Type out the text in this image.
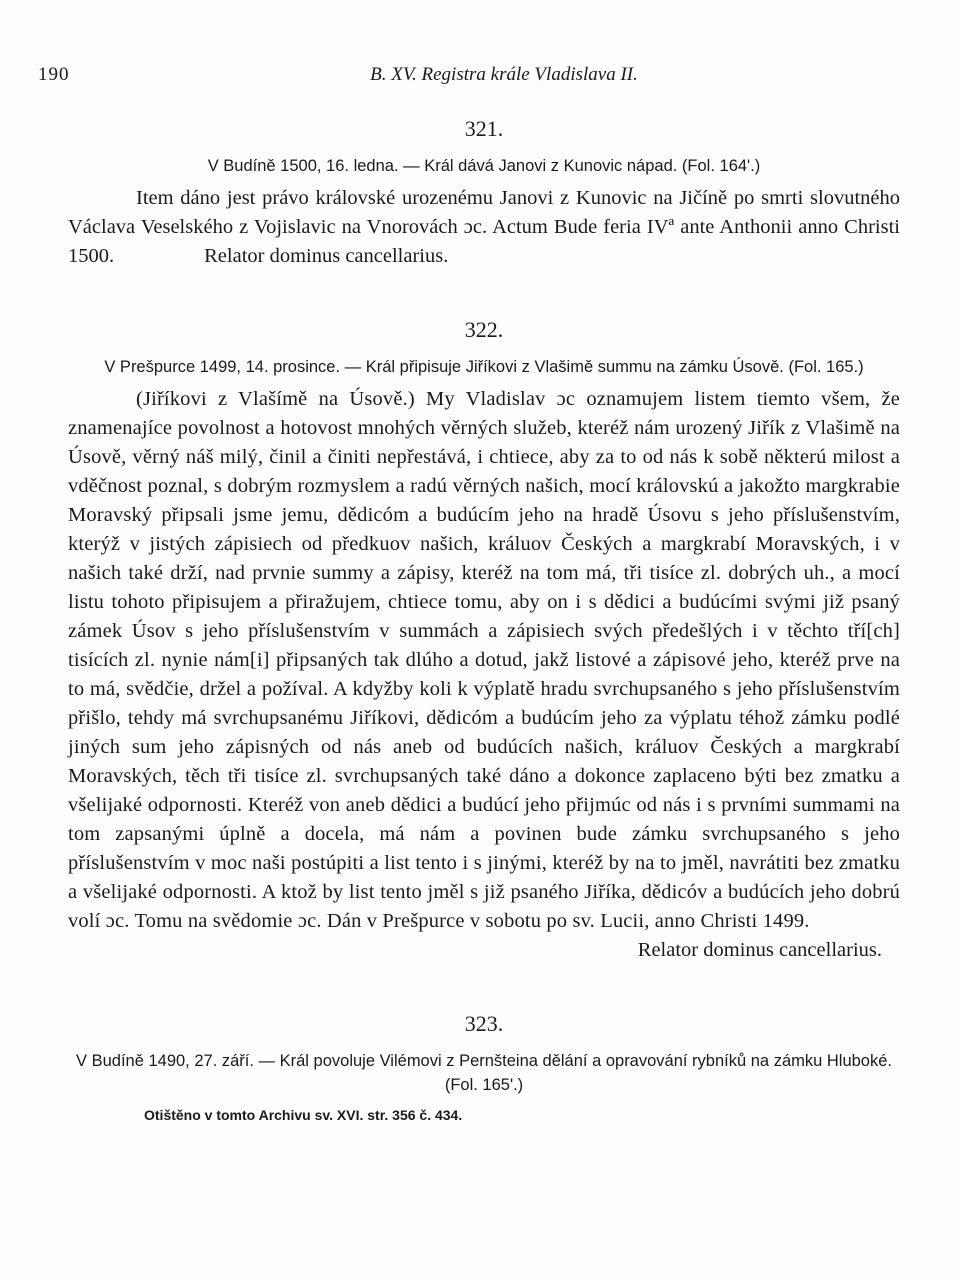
190	B. XV. Registra krále Vladislava II.
321.
V Budíně 1500, 16. ledna. — Král dává Janovi z Kunovic nápad. (Fol. 164'.)

Item dáno jest právo královské urozenému Janovi z Kunovic na Jičíně po smrti slovutného Václava Veselského z Vojislavic na Vnorovách ɔc. Actum Bude feria IVª ante Anthonii anno Christi 1500.	Relator dominus cancellarius.

322.
V Prešpurce 1499, 14. prosince. — Král připisuje Jiříkovi z Vlašimě summu na zámku Úsově. (Fol. 165.)

(Jiříkovi z Vlašímě na Úsově.) My Vladislav ɔc oznamujem listem tiemto všem, že znamenajíce povolnost a hotovost mnohých věrných služeb, kteréž nám urozený Jiřík z Vlašimě na Úsově, věrný náš milý, činil a činiti nepřestává, i chtiece, aby za to od nás k sobě některú milost a vděčnost poznal, s dobrým rozmyslem a radú věrných našich, mocí královskú a jakožto margkrabie Moravský připsali jsme jemu, dědicóm a budúcím jeho na hradě Úsovu s jeho příslušenstvím, kterýž v jistých zápisiech od předkuov našich, králuov Českých a margkrabí Moravských, i v našich také drží, nad prvnie summy a zápisy, kteréž na tom má, tři tisíce zl. dobrých uh., a mocí listu tohoto připisujem a přiražujem, chtiece tomu, aby on i s dědici a budúcími svými již psaný zámek Úsov s jeho příslušenstvím v summách a zápisiech svých předešlých i v těchto tří[ch] tisících zl. nynie nám[i] připsaných tak dlúho a dotud, jakž listové a zápisové jeho, kteréž prve na to má, svědčie, držel a požíval. A kdyžby koli k výplatě hradu svrchupsaného s jeho příslušenstvím přišlo, tehdy má svrchupsanému Jiříkovi, dědicóm a budúcím jeho za výplatu téhož zámku podlé jiných sum jeho zápisných od nás aneb od budúcích našich, králuov Českých a margkrabí Moravských, těch tři tisíce zl. svrchupsaných také dáno a dokonce zaplaceno býti bez zmatku a všelijaké odpornosti. Kteréž von aneb dědici a budúcí jeho přijmúc od nás i s prvními summami na tom zapsanými úplně a docela, má nám a povinen bude zámku svrchupsaného s jeho příslušenstvím v moc naši postúpiti a list tento i s jinými, kteréž by na to jměl, navrátiti bez zmatku a všelijaké odpornosti. A ktož by list tento jměl s již psaného Jiříka, dědicóv a budúcích jeho dobrú volí ɔc. Tomu na svědomie ɔc. Dán v Prešpurce v sobotu po sv. Lucii, anno Christi 1499.

Relator dominus cancellarius.
323.
V Budíně 1490, 27. září. — Král povoluje Vilémovi z Pernšteina dělání a opravování rybníků na zámku Hluboké. (Fol. 165'.)
Otištěno v tomto Archivu sv. XVI. str. 356 č. 434.
